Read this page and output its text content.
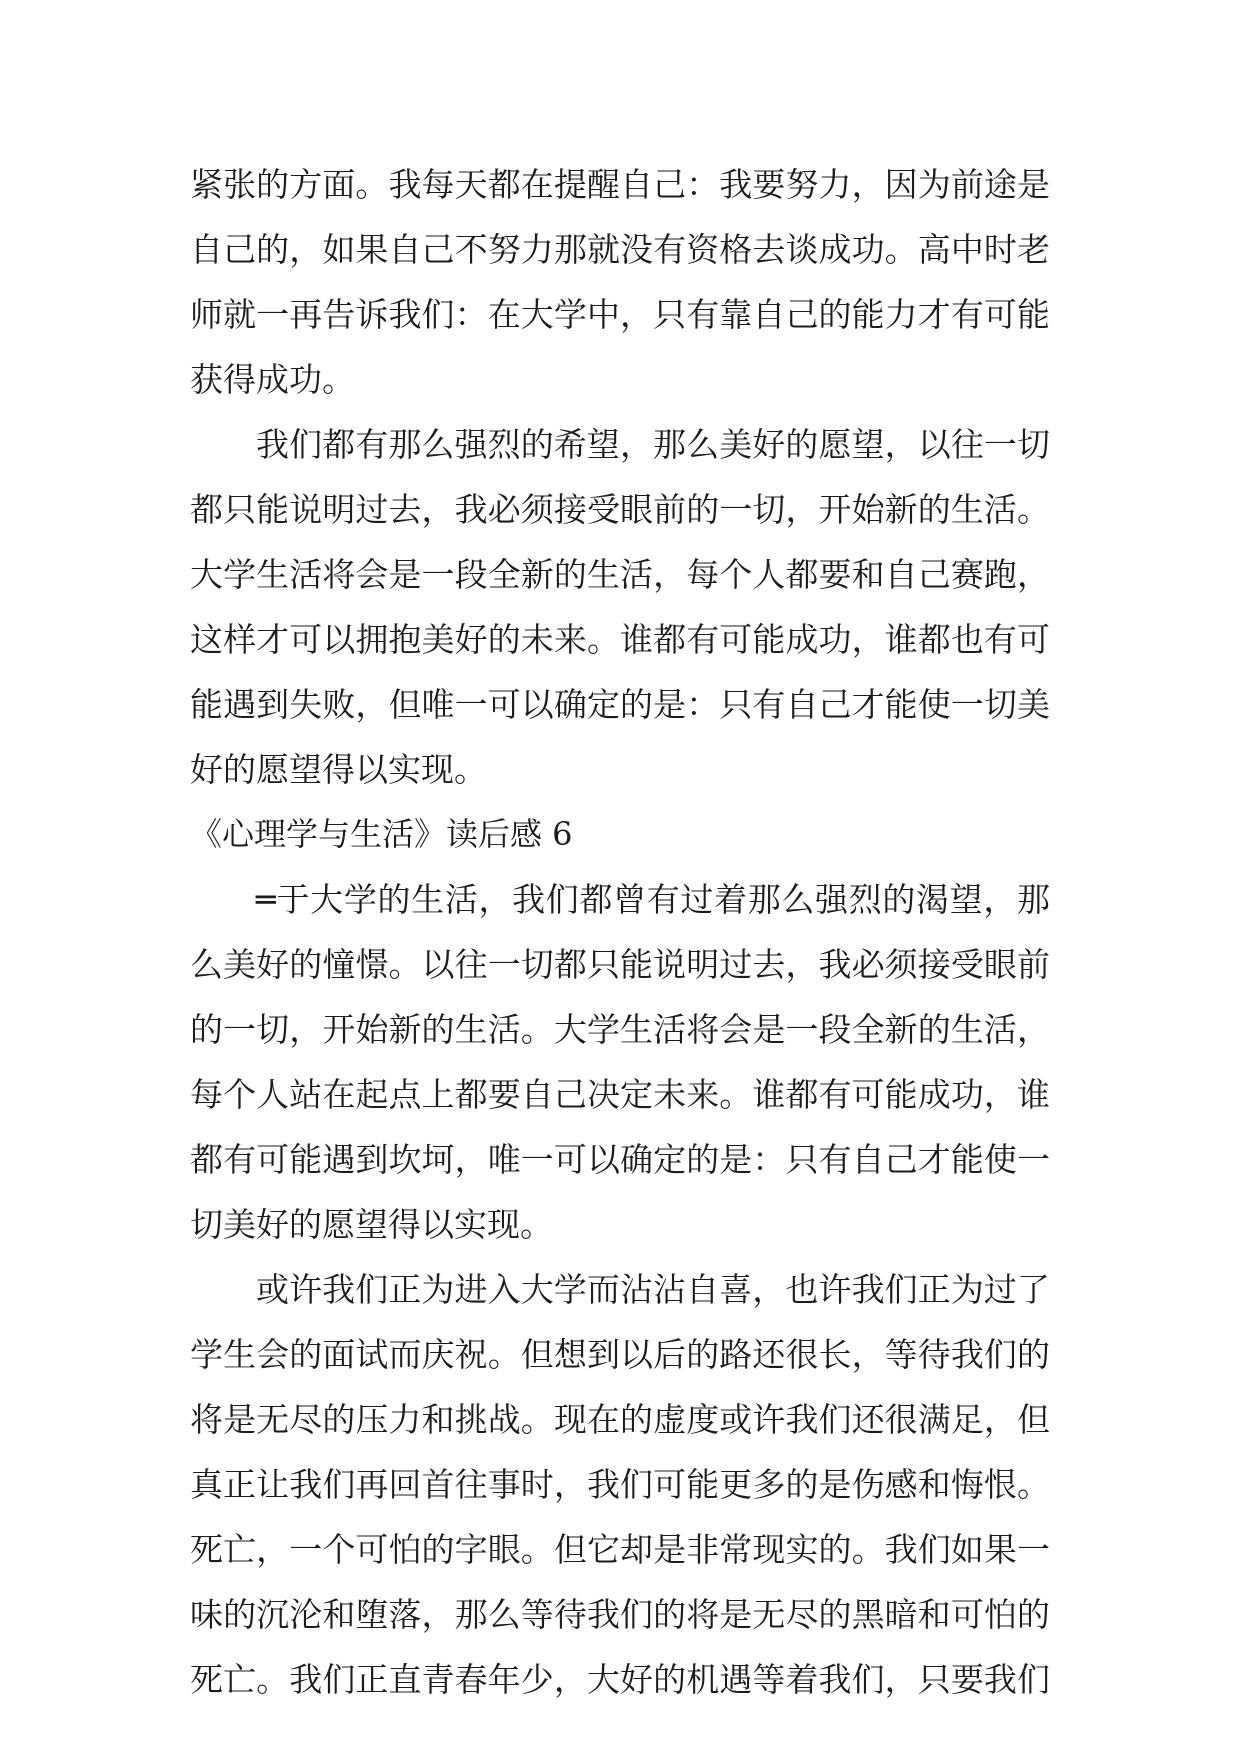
紧张的方面。我每天都在提醒自己：我要努力，因为前途是
自己的，如果自己不努力那就没有资格去谈成功。高中时老
师就一再告诉我们：在大学中，只有靠自己的能力才有可能
获得成功。
我们都有那么强烈的希望，那么美好的愿望，以往一切
都只能说明过去，我必须接受眼前的一切，开始新的生活。
大学生活将会是一段全新的生活，每个人都要和自己赛跑，
这样才可以拥抱美好的未来。谁都有可能成功，谁都也有可
能遇到失败，但唯一可以确定的是：只有自己才能使一切美
好的愿望得以实现。
《心理学与生活》读后感 6
═于大学的生活，我们都曾有过着那么强烈的渴望，那
么美好的憧憬。以往一切都只能说明过去，我必须接受眼前
的一切，开始新的生活。大学生活将会是一段全新的生活，
每个人站在起点上都要自己决定未来。谁都有可能成功，谁
都有可能遇到坎坷，唯一可以确定的是：只有自己才能使一
切美好的愿望得以实现。
或许我们正为进入大学而沾沾自喜，也许我们正为过了
学生会的面试而庆祝。但想到以后的路还很长，等待我们的
将是无尽的压力和挑战。现在的虚度或许我们还很满足，但
真正让我们再回首往事时，我们可能更多的是伤感和悔恨。
死亡，一个可怕的字眼。但它却是非常现实的。我们如果一
味的沉沦和堕落，那么等待我们的将是无尽的黑暗和可怕的
死亡。我们正直青春年少，大好的机遇等着我们，只要我们
